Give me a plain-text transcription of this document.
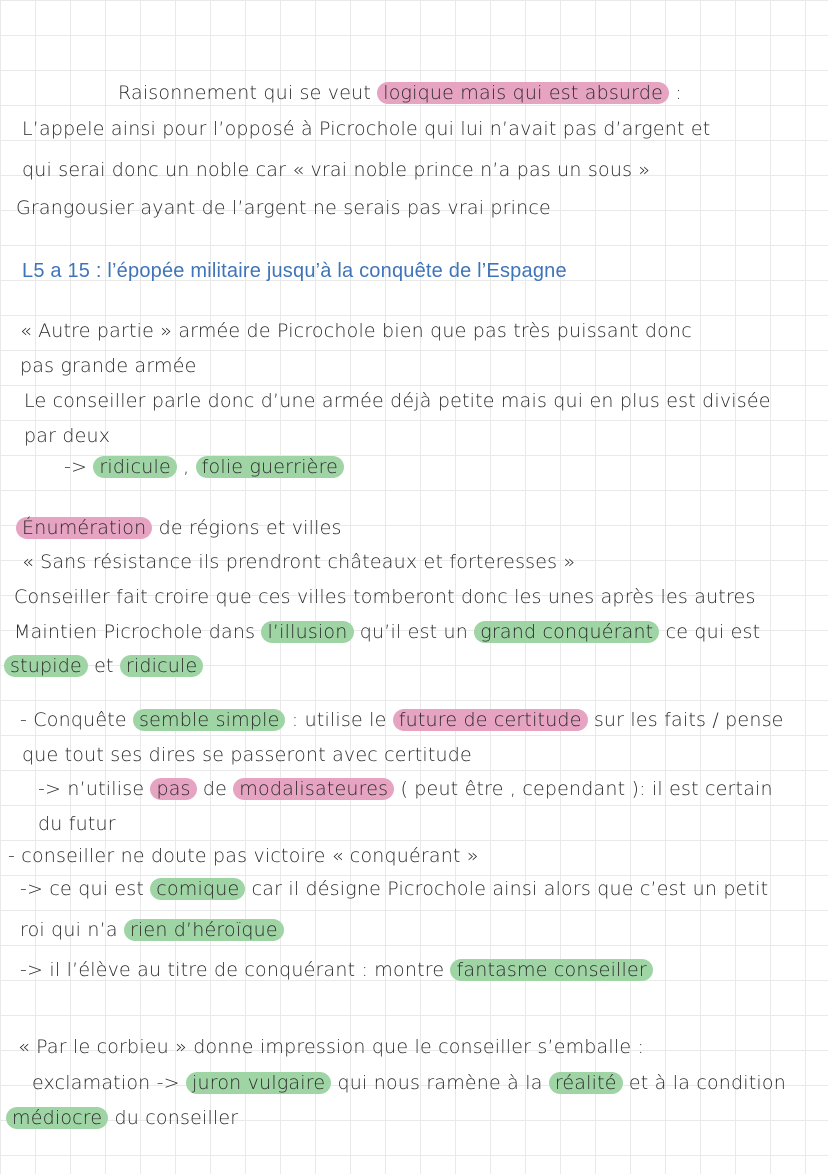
Raisonnement qui se veut logique mais qui est absurde :
L’appele ainsi pour l’opposé à Picrochole qui lui n’avait pas d’argent et
qui serai donc un noble car « vrai noble prince n’a pas un sous »
Grangousier ayant de l’argent ne serais pas vrai prince
L5 a 15 : l’épopée militaire jusqu’à la conquête de l’Espagne
« Autre partie » armée de Picrochole bien que pas très puissant donc
pas grande armée
Le conseiller parle donc d’une armée déjà petite mais qui en plus est divisée
par deux
-> ridicule , folie guerrière
Énumération de régions et villes
« Sans résistance ils prendront châteaux et forteresses »
Conseiller fait croire que ces villes tomberont donc les unes après les autres
Maintien Picrochole dans l’illusion qu’il est un grand conquérant ce qui est
stupide et ridicule
- Conquête semble simple : utilise le future de certitude sur les faits / pense
que tout ses dires se passeront avec certitude
-> n’utilise pas de modalisateures ( peut être , cependant ): il est certain
du futur
- conseiller ne doute pas victoire « conquérant »
-> ce qui est comique car il désigne Picrochole ainsi alors que c’est un petit
roi qui n’a rien d’héroïque
-> il l’élève au titre de conquérant : montre fantasme conseiller
« Par le corbieu » donne impression que le conseiller s’emballe :
exclamation -> juron vulgaire qui nous ramène à la réalité et à la condition
médiocre du conseiller
